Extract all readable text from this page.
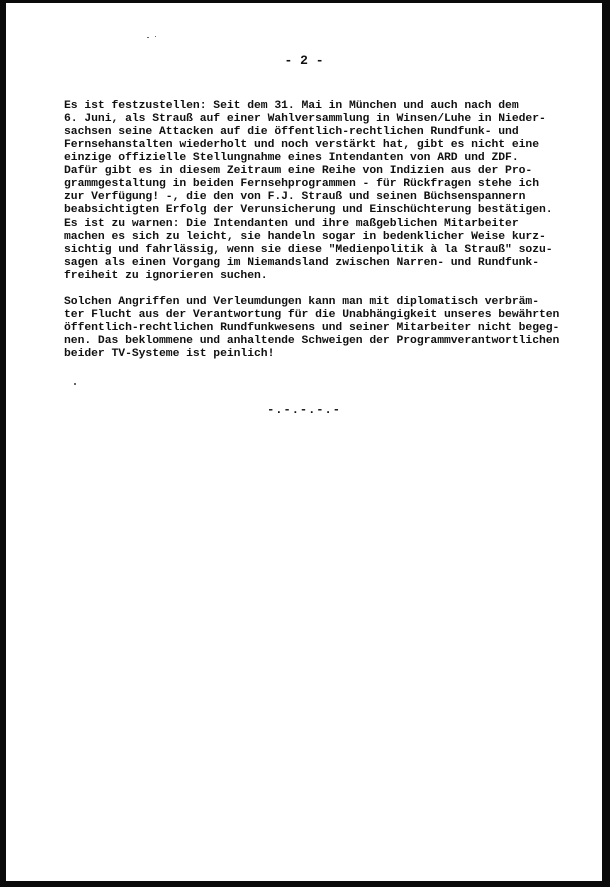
- 2 -
Es ist festzustellen: Seit dem 31. Mai in München und auch nach dem
6. Juni, als Strauß auf einer Wahlversammlung in Winsen/Luhe in Nieder-
sachsen seine Attacken auf die öffentlich-rechtlichen Rundfunk- und
Fernsehanstalten wiederholt und noch verstärkt hat, gibt es nicht eine
einzige offizielle Stellungnahme eines Intendanten von ARD und ZDF.
Dafür gibt es in diesem Zeitraum eine Reihe von Indizien aus der Pro-
grammgestaltung in beiden Fernsehprogrammen - für Rückfragen stehe ich
zur Verfügung! -, die den von F.J. Strauß und seinen Büchsenspannern
beabsichtigten Erfolg der Verunsicherung und Einschüchterung bestätigen.
Es ist zu warnen: Die Intendanten und ihre maßgeblichen Mitarbeiter
machen es sich zu leicht, sie handeln sogar in bedenklicher Weise kurz-
sichtig und fahrlässig, wenn sie diese "Medienpolitik à la Strauß" sozu-
sagen als einen Vorgang im Niemandsland zwischen Narren- und Rundfunk-
freiheit zu ignorieren suchen.
Solchen Angriffen und Verleumdungen kann man mit diplomatisch verbräm-
ter Flucht aus der Verantwortung für die Unabhängigkeit unseres bewährten
öffentlich-rechtlichen Rundfunkwesens und seiner Mitarbeiter nicht begeg-
nen. Das beklommene und anhaltende Schweigen der Programmverantwortlichen
beider TV-Systeme ist peinlich!
-.-.-.-.-
